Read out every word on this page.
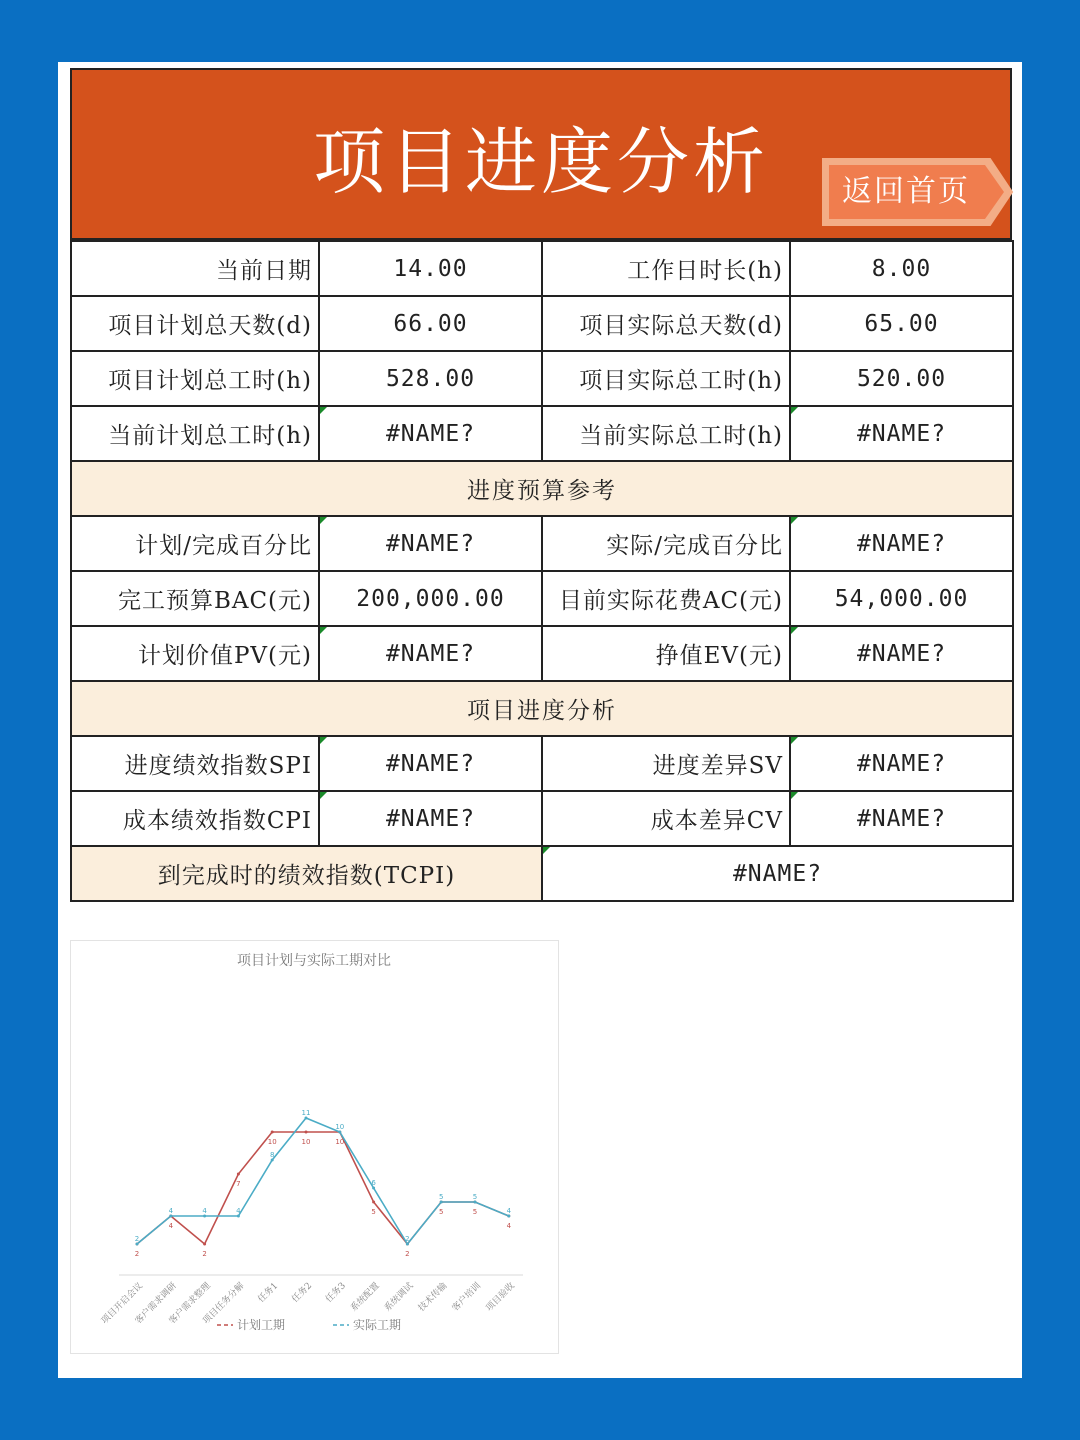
项目进度分析	返回首页
当前日期	14.00	工作日时长(h)	8.00
项目计划总天数(d)	66.00	项目实际总天数(d)	65.00
项目计划总工时(h)	528.00	项目实际总工时(h)	520.00
当前计划总工时(h)	#NAME?	当前实际总工时(h)	#NAME?
进度预算参考			
计划/完成百分比	#NAME?	实际/完成百分比	#NAME?
完工预算BAC(元)	200,000.00	目前实际花费AC(元)	54,000.00
计划价值PV(元)	#NAME?	挣值EV(元)	#NAME?
项目进度分析			
进度绩效指数SPI	#NAME?	进度差异SV	#NAME?
成本绩效指数CPI	#NAME?	成本差异CV	#NAME?
到完成时的绩效指数(TCPI)		#NAME?	
项目计划与实际工期对比
2
4
2
7
10	10	10
5
2
5	5
4
2
4	4	4
8
11
10
6
2
5	5
4
项目开启会议
客户需求调研
客户需求整理
项目任务分解 任务1 任务2 任务3 系统配置 系统调试 技术传输 客户培训 项目验收
计划工期	实际工期
